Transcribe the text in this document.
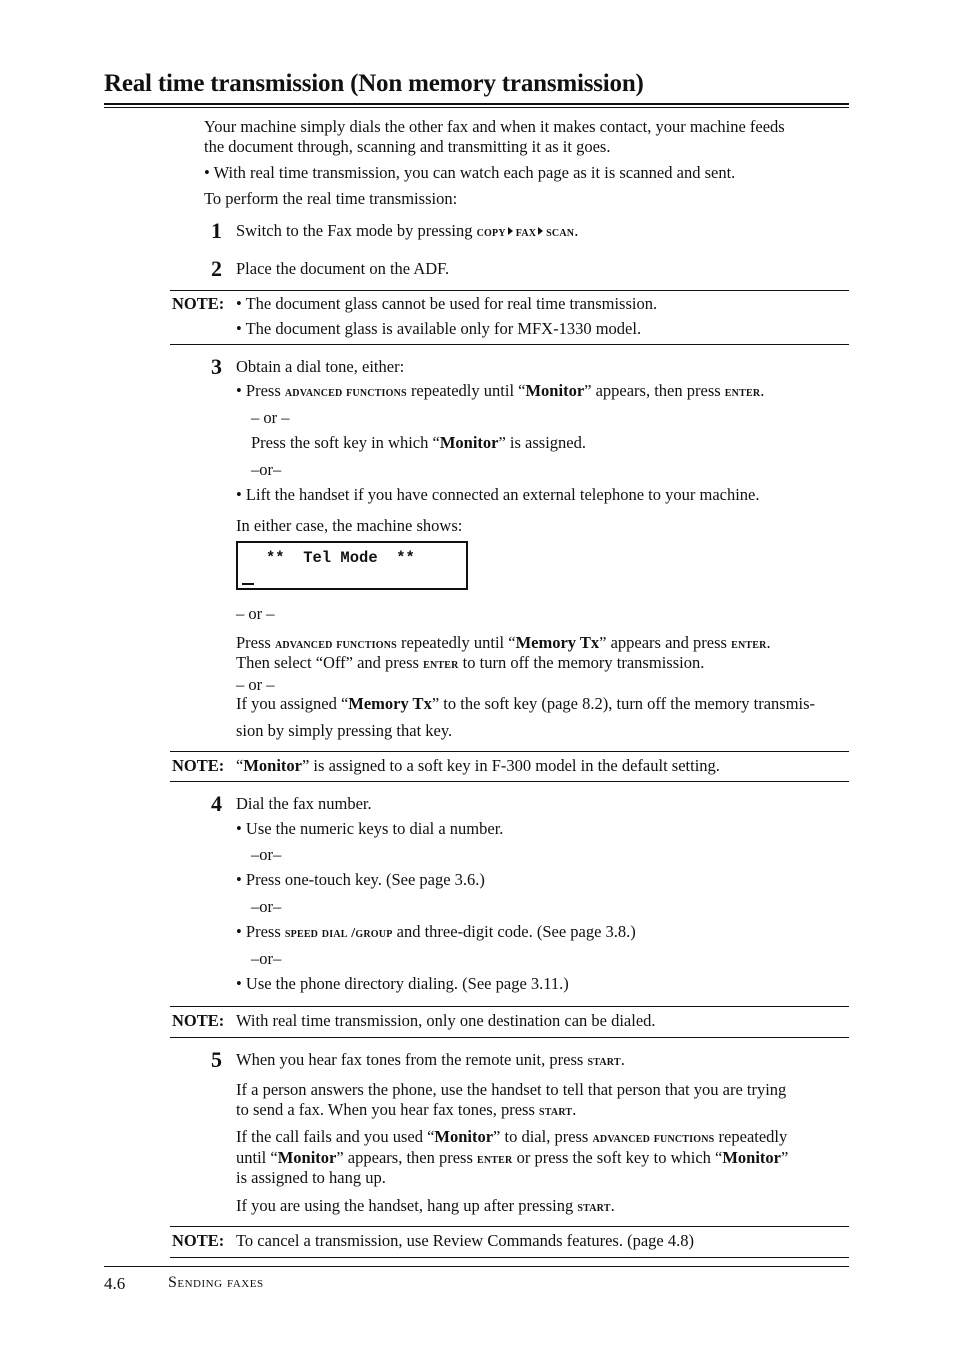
Real time transmission (Non memory transmission)
Your machine simply dials the other fax and when it makes contact, your machine feeds
the document through, scanning and transmitting it as it goes.
• With real time transmission, you can watch each page as it is scanned and sent.
To perform the real time transmission:
1 Switch to the Fax mode by pressing copy fax scan.
2 Place the document on the ADF.
NOTE: • The document glass cannot be used for real time transmission.
• The document glass is available only for MFX-1330 model.
3 Obtain a dial tone, either:
• Press advanced functions repeatedly until “Monitor” appears, then press enter.
– or –
Press the soft key in which “Monitor” is assigned.
–or–
• Lift the handset if you have connected an external telephone to your machine.
In either case, the machine shows:
**  Tel Mode  **
– or –
Press advanced functions repeatedly until “Memory Tx” appears and press enter.
Then select “Off” and press enter to turn off the memory transmission.
– or –
If you assigned “Memory Tx” to the soft key (page 8.2), turn off the memory transmis-
sion by simply pressing that key.
NOTE: “Monitor” is assigned to a soft key in F-300 model in the default setting.
4 Dial the fax number.
• Use the numeric keys to dial a number.
–or–
• Press one-touch key. (See page 3.6.)
–or–
• Press speed dial /group and three-digit code. (See page 3.8.)
–or–
• Use the phone directory dialing. (See page 3.11.)
NOTE: With real time transmission, only one destination can be dialed.
5 When you hear fax tones from the remote unit, press start.
If a person answers the phone, use the handset to tell that person that you are trying
to send a fax. When you hear fax tones, press start.
If the call fails and you used “Monitor” to dial, press advanced functions repeatedly
until “Monitor” appears, then press enter or press the soft key to which “Monitor”
is assigned to hang up.
If you are using the handset, hang up after pressing start.
NOTE: To cancel a transmission, use Review Commands features. (page 4.8)
4.6	Sending faxes
